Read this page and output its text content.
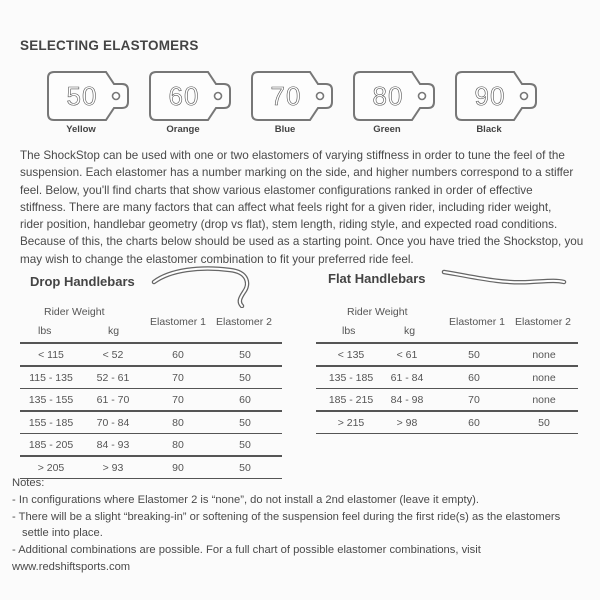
SELECTING ELASTOMERS
50
Yellow
60
Orange
70
Blue
80
Green
90
Black
The ShockStop can be used with one or two elastomers of varying stiffness in order to tune the feel of the
suspension. Each elastomer has a number marking on the side, and higher numbers correspond to a stiffer
feel. Below, you'll find charts that show various elastomer configurations ranked in order of effective
stiffness. There are many factors that can affect what feels right for a given rider, including rider weight,
rider position, handlebar geometry (drop vs flat), stem length, riding style, and expected road conditions.
Because of this, the charts below should be used as a starting point. Once you have tried the Shockstop, you
may wish to change the elastomer combination to fit your preferred ride feel.
Drop Handlebars
Rider Weight
lbs	kg
Elastomer 1 Elastomer 2
< 115	< 52	60	50
115 - 135	52 - 61	70	50
135 - 155	61 - 70	70	60
155 - 185	70 - 84	80	50
185 - 205	84 - 93	80	50
> 205	> 93	90	50
Flat Handlebars
Rider Weight
lbs	kg
Elastomer 1 Elastomer 2
< 135	< 61	50	none
135 - 185	61 - 84	60	none
185 - 215	84 - 98	70	none
> 215	> 98	60	50
Notes:
- In configurations where Elastomer 2 is “none”, do not install a 2nd elastomer (leave it empty).
- There will be a slight “breaking-in” or softening of the suspension feel during the first ride(s) as the elastomers
settle into place.
- Additional combinations are possible. For a full chart of possible elastomer combinations, visit
www.redshiftsports.com
